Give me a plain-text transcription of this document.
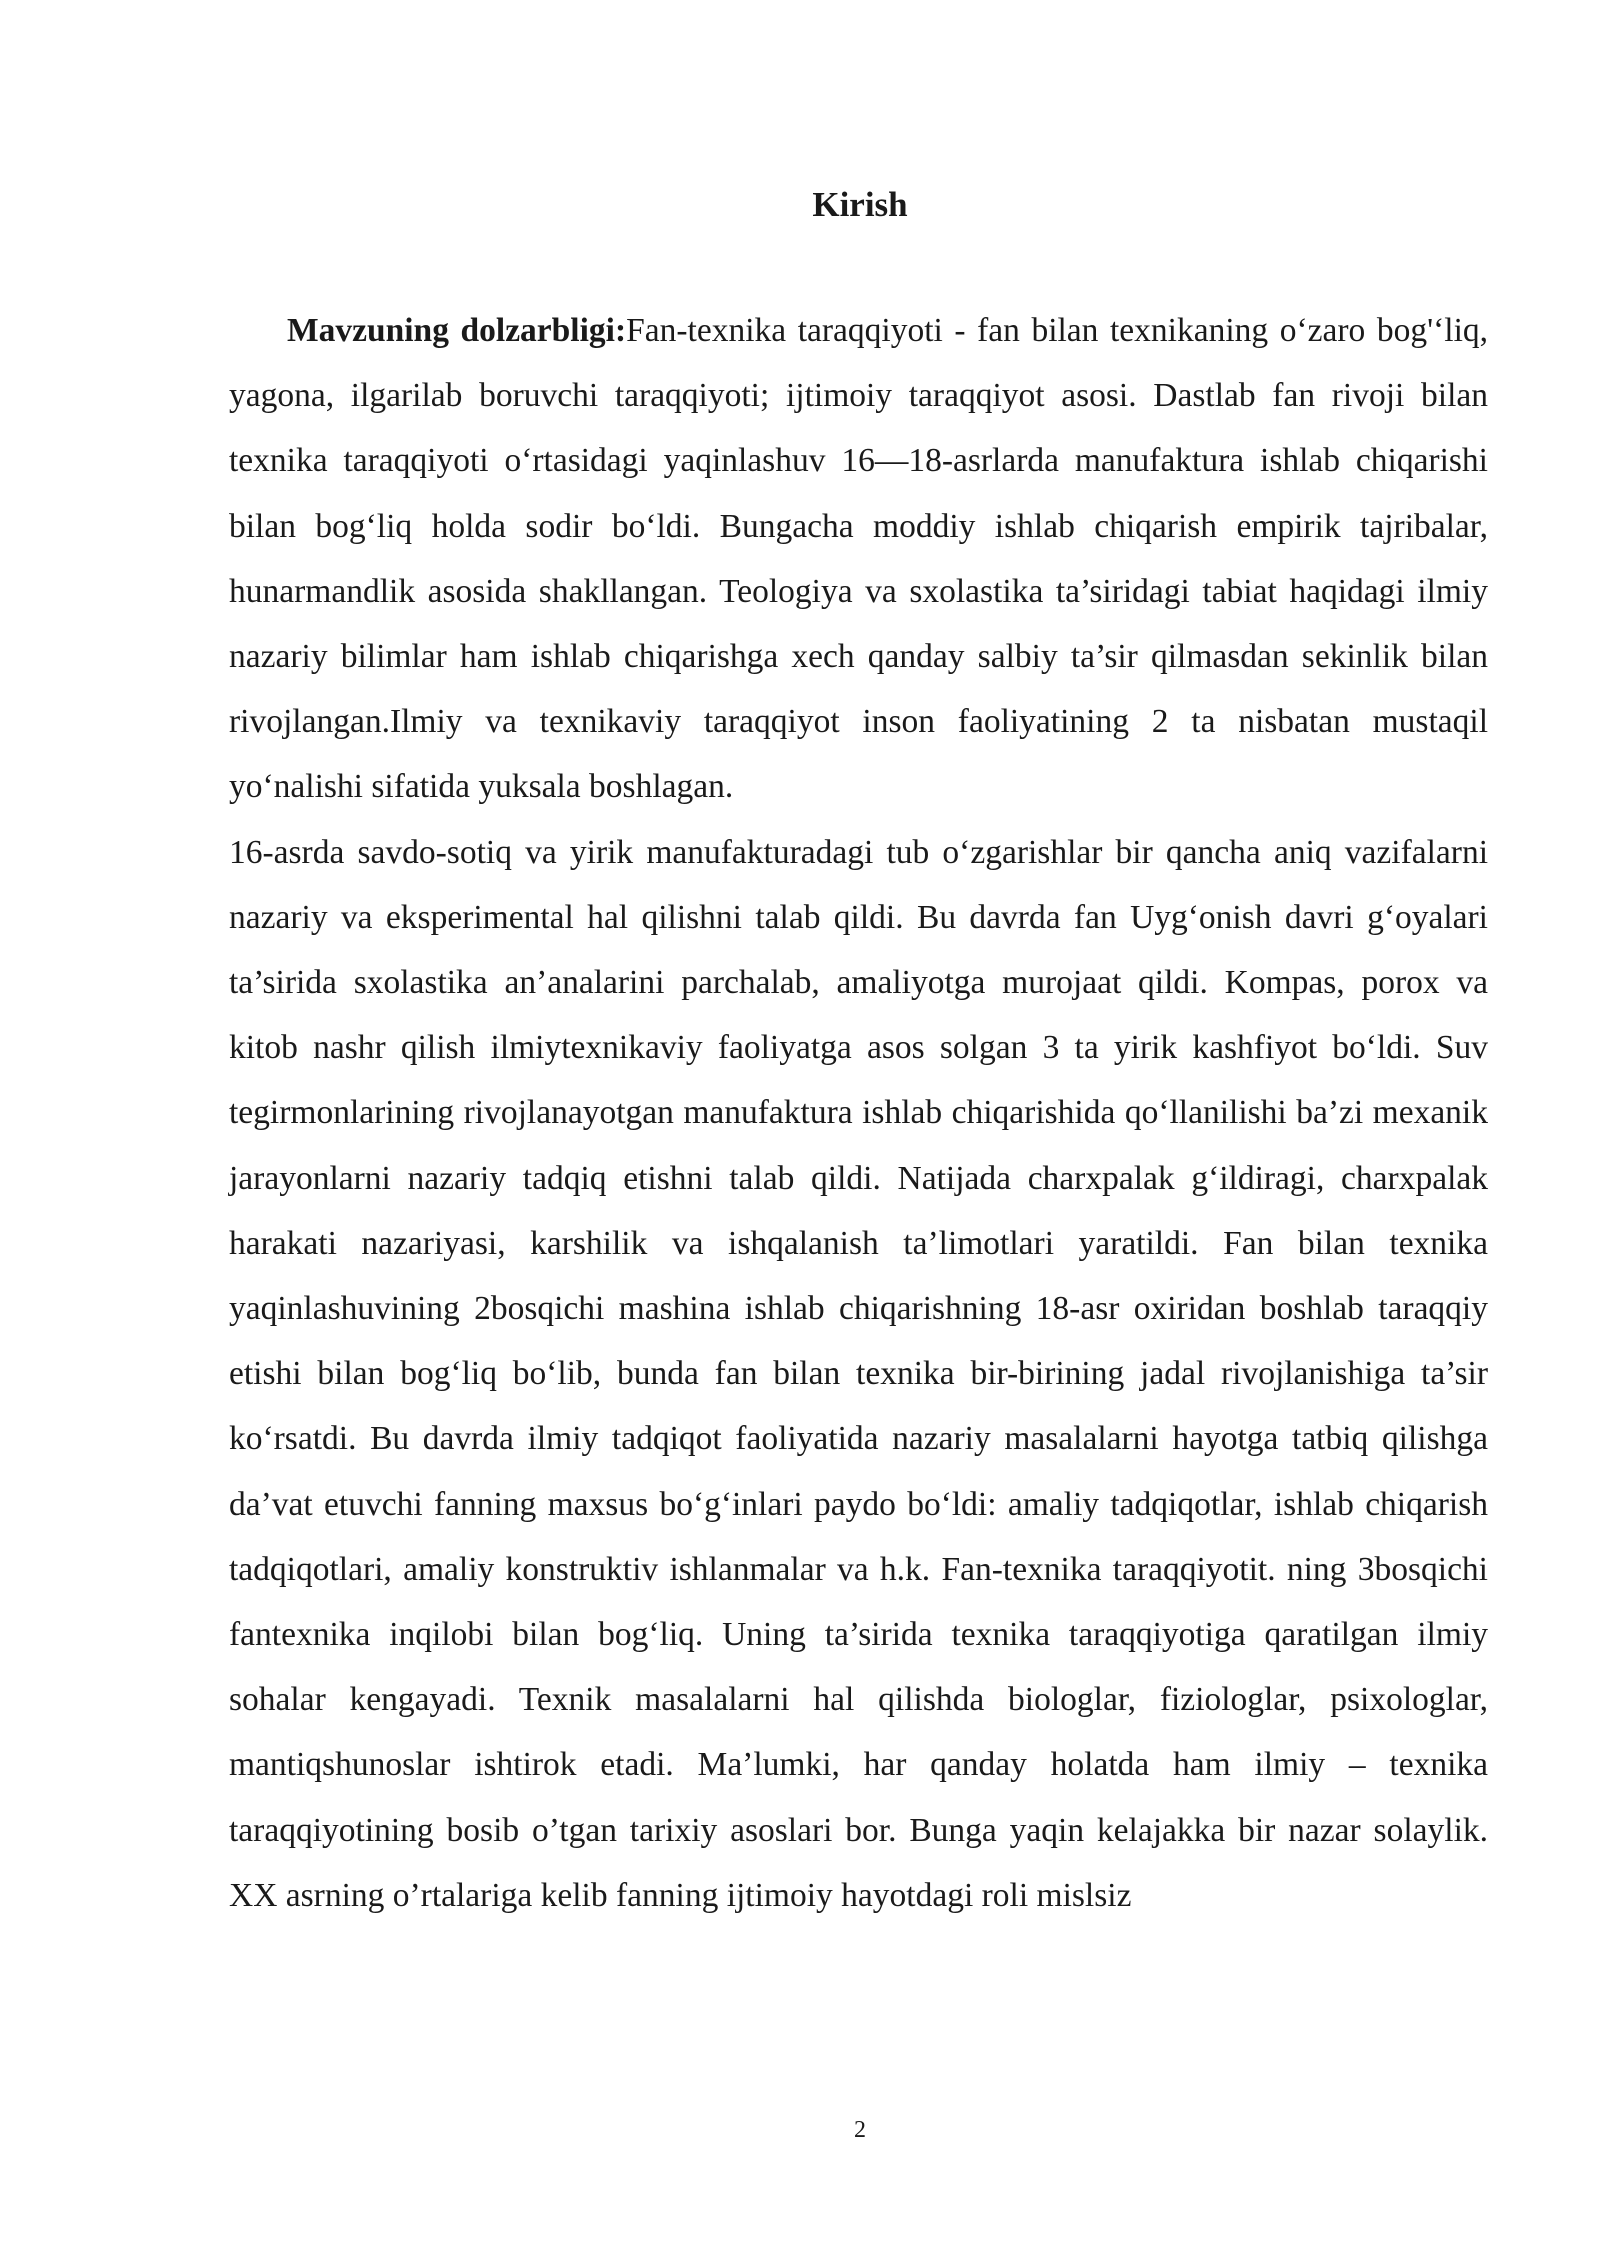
Kirish

Mavzuning dolzarbligi:Fan-texnika taraqqiyoti - fan bilan texnikaning o‘zaro bog'‘liq, yagona, ilgarilab boruvchi taraqqiyoti; ijtimoiy taraqqiyot asosi. Dastlab fan rivoji bilan texnika taraqqiyoti o‘rtasidagi yaqinlashuv 16—18-asrlarda manufaktura ishlab chiqarishi bilan bog‘liq holda sodir bo‘ldi. Bungacha moddiy ishlab chiqarish empirik tajribalar, hunarmandlik asosida shakllangan. Teologiya va sxolastika ta’siridagi tabiat haqidagi ilmiy nazariy bilimlar ham ishlab chiqarishga xech qanday salbiy ta’sir qilmasdan sekinlik bilan rivojlangan.Ilmiy va texnikaviy taraqqiyot inson faoliyatining 2 ta nisbatan mustaqil yo‘nalishi sifatida yuksala boshlagan.

16-asrda savdo-sotiq va yirik manufakturadagi tub o‘zgarishlar bir qancha aniq vazifalarni nazariy va eksperimental hal qilishni talab qildi. Bu davrda fan Uyg‘onish davri g‘oyalari ta’sirida sxolastika an’analarini parchalab, amaliyotga murojaat qildi. Kompas, porox va kitob nashr qilish ilmiytexnikaviy faoliyatga asos solgan 3 ta yirik kashfiyot bo‘ldi. Suv tegirmonlarining rivojlanayotgan manufaktura ishlab chiqarishida qo‘llanilishi ba’zi mexanik jarayonlarni nazariy tadqiq etishni talab qildi. Natijada charxpalak g‘ildiragi, charxpalak harakati nazariyasi, karshilik va ishqalanish ta’limotlari yaratildi. Fan bilan texnika yaqinlashuvining 2bosqichi mashina ishlab chiqarishning 18-asr oxiridan boshlab taraqqiy etishi bilan bog‘liq bo‘lib, bunda fan bilan texnika bir-birining jadal rivojlanishiga ta’sir ko‘rsatdi. Bu davrda ilmiy tadqiqot faoliyatida nazariy masalalarni hayotga tatbiq qilishga da’vat etuvchi fanning maxsus bo‘g‘inlari paydo bo‘ldi: amaliy tadqiqotlar, ishlab chiqarish tadqiqotlari, amaliy konstruktiv ishlanmalar va h.k. Fan-texnika taraqqiyotit. ning 3bosqichi fantexnika inqilobi bilan bog‘liq. Uning ta’sirida texnika taraqqiyotiga qaratilgan ilmiy sohalar kengayadi. Texnik masalalarni hal qilishda biologlar, fiziologlar, psixologlar, mantiqshunoslar ishtirok etadi. Ma’lumki, har qanday holatda ham ilmiy – texnika taraqqiyotining bosib o’tgan tarixiy asoslari bor. Bunga yaqin kelajakka bir nazar solaylik. XX asrning o’rtalariga kelib fanning ijtimoiy hayotdagi roli mislsiz

2
